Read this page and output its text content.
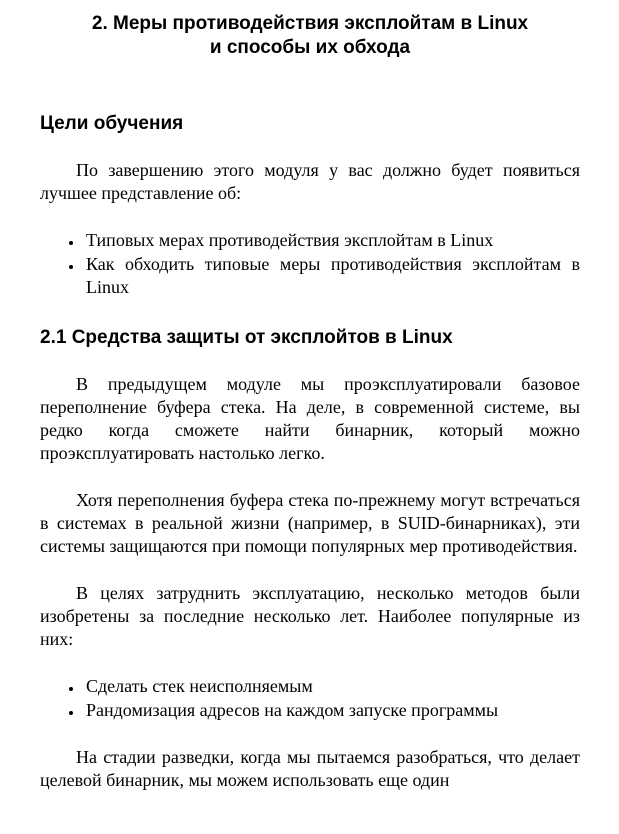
2. Меры противодействия эксплойтам в Linux
и способы их обхода
Цели обучения

По завершению этого модуля у вас должно будет появиться лучшее представление об:

• Типовых мерах противодействия эксплойтам в Linux
• Как обходить типовые меры противодействия эксплойтам в Linux
2.1 Средства защиты от эксплойтов в Linux

В предыдущем модуле мы проэксплуатировали базовое переполнение буфера стека. На деле, в современной системе, вы редко когда сможете найти бинарник, который можно проэксплуатировать настолько легко.

Хотя переполнения буфера стека по-прежнему могут встречаться в системах в реальной жизни (например, в SUID-бинарниках), эти системы защищаются при помощи популярных мер противодействия.

В целях затруднить эксплуатацию, несколько методов были изобретены за последние несколько лет. Наиболее популярные из них:

• Сделать стек неисполняемым
• Рандомизация адресов на каждом запуске программы

На стадии разведки, когда мы пытаемся разобраться, что делает целевой бинарник, мы можем использовать еще один
